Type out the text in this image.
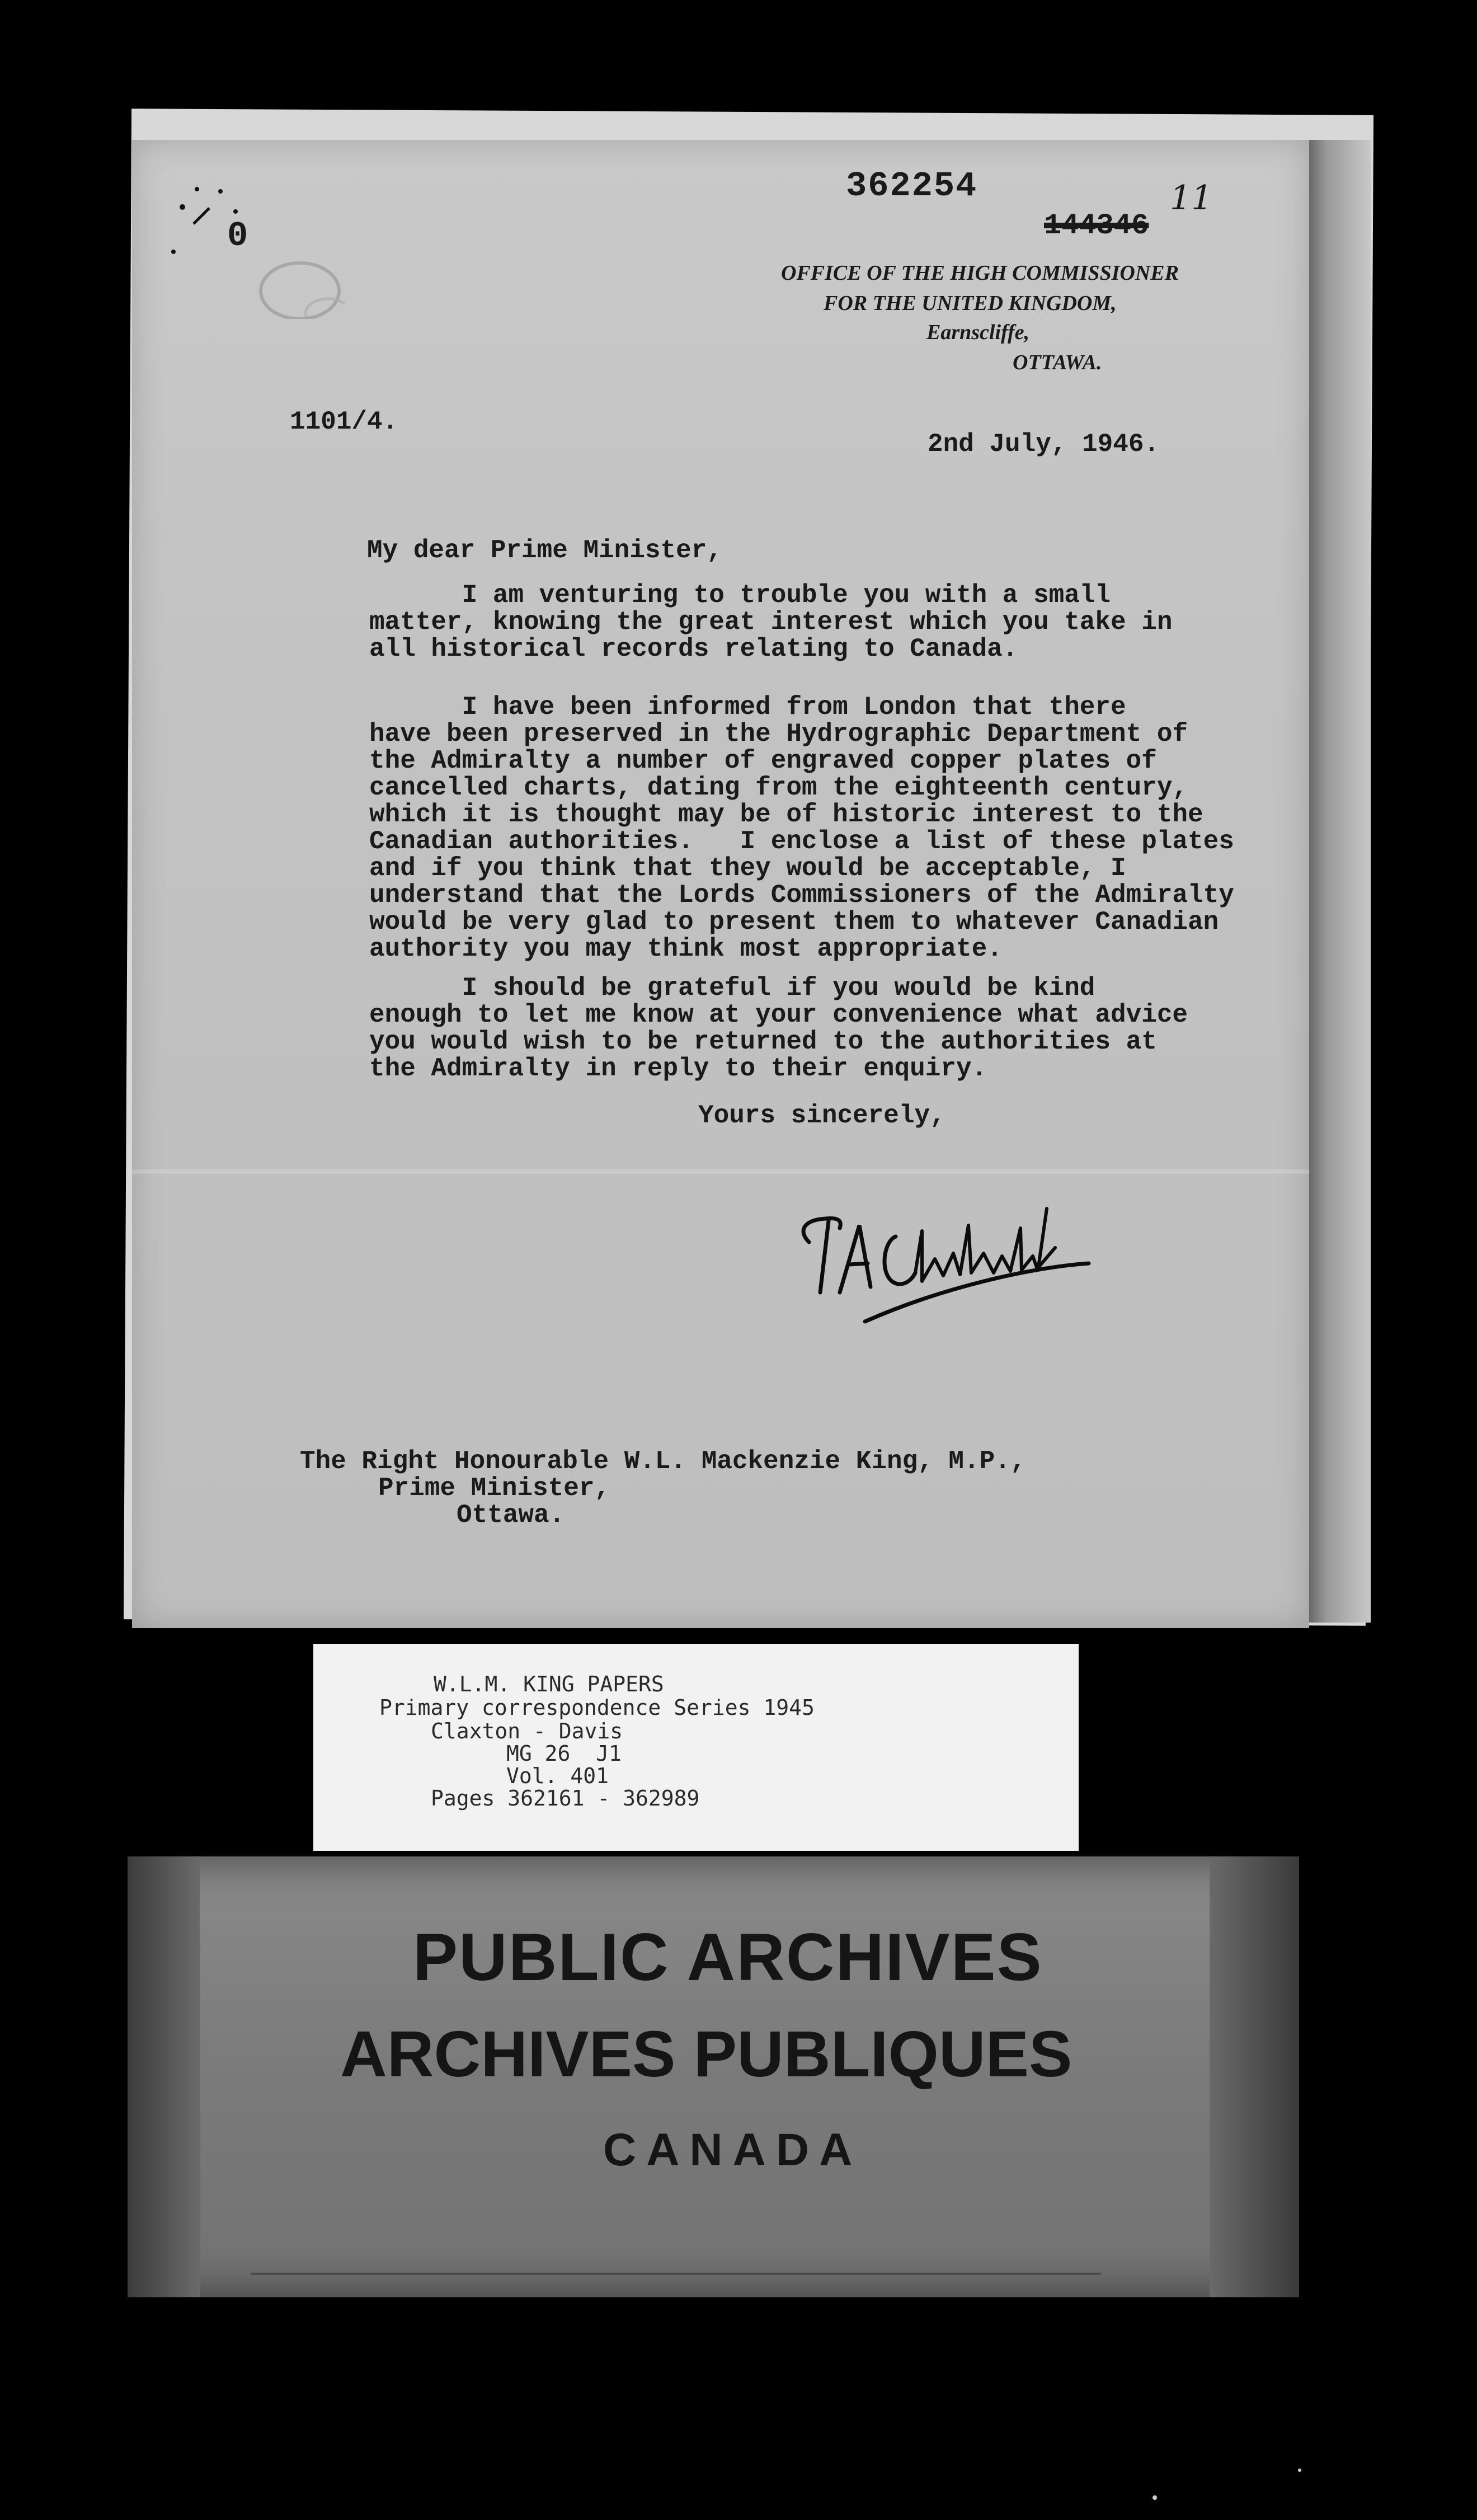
0
362254
144346
11
OFFICE OF THE HIGH COMMISSIONER
FOR THE UNITED KINGDOM,
Earnscliffe,
OTTAWA.
1101/4.
2nd July, 1946.
My dear Prime Minister,
I am venturing to trouble you with a small
matter, knowing the great interest which you take in
all historical records relating to Canada.
I have been informed from London that there
have been preserved in the Hydrographic Department of
the Admiralty a number of engraved copper plates of
cancelled charts, dating from the eighteenth century,
which it is thought may be of historic interest to the
Canadian authorities.   I enclose a list of these plates
and if you think that they would be acceptable, I
understand that the Lords Commissioners of the Admiralty
would be very glad to present them to whatever Canadian
authority you may think most appropriate.
I should be grateful if you would be kind
enough to let me know at your convenience what advice
you would wish to be returned to the authorities at
the Admiralty in reply to their enquiry.
Yours sincerely,
The Right Honourable W.L. Mackenzie King, M.P.,
Prime Minister,
Ottawa.
W.L.M. KING PAPERS
Primary correspondence Series 1945
Claxton - Davis
MG 26  J1
Vol. 401
Pages 362161 - 362989
PUBLIC ARCHIVES
ARCHIVES PUBLIQUES
CANADA
